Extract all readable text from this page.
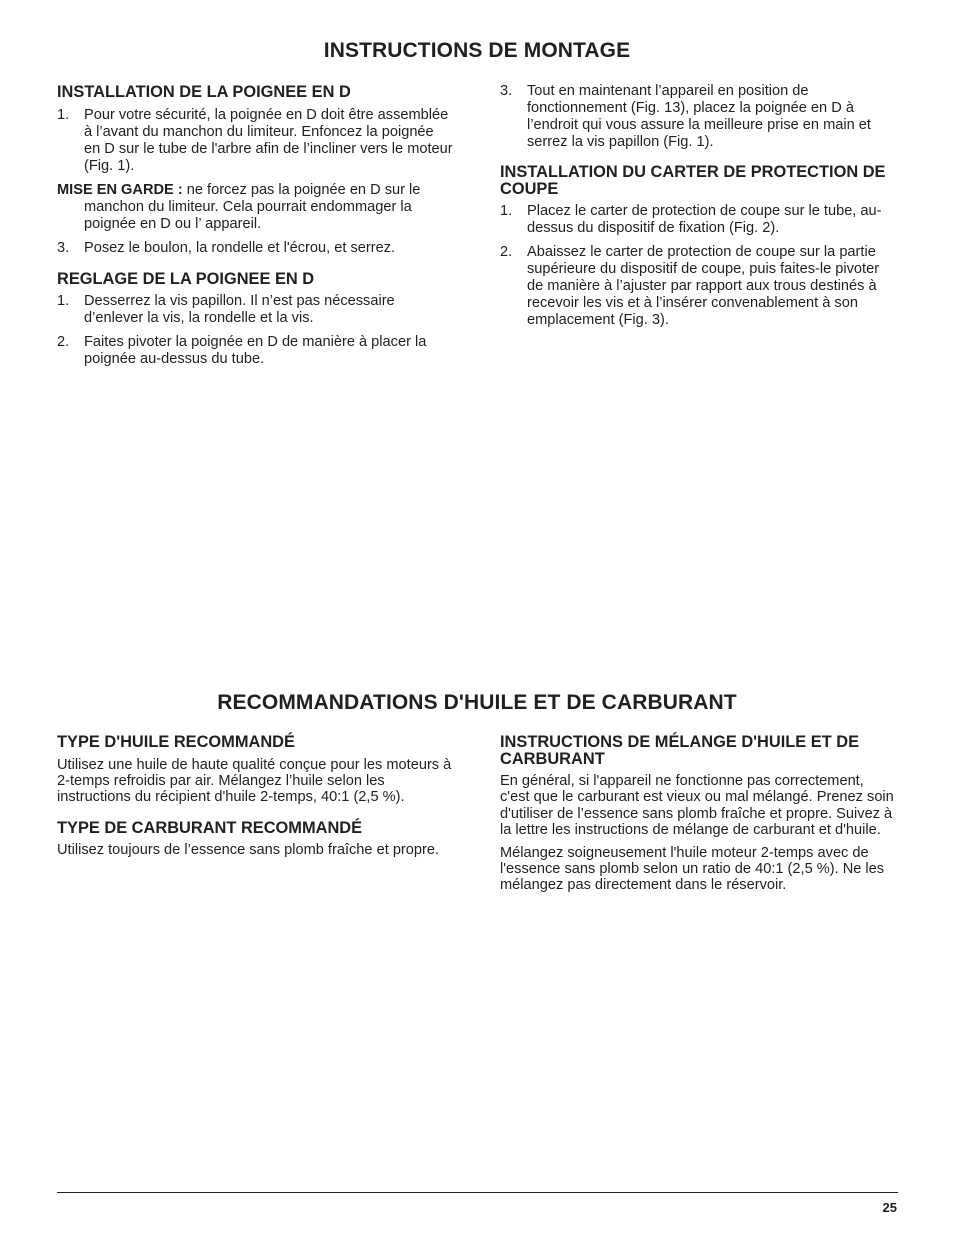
INSTRUCTIONS DE MONTAGE
INSTALLATION DE LA POIGNEE EN D
1. Pour votre sécurité, la poignée en D doit être assemblée à l’avant du manchon du limiteur. Enfoncez la poignée en D sur le tube de l'arbre afin de l’incliner vers le moteur (Fig. 1).
MISE EN GARDE : ne forcez pas la poignée en D sur le manchon du limiteur. Cela pourrait endommager la poignée en D ou l’ appareil.
3. Posez le boulon, la rondelle et l'écrou, et serrez.
REGLAGE DE LA POIGNEE EN D
1. Desserrez la vis papillon. Il n’est pas nécessaire d’enlever la vis, la rondelle et la vis.
2. Faites pivoter la poignée en D de manière à placer la poignée au-dessus du tube.
3. Tout en maintenant l’appareil en position de fonctionnement (Fig. 13), placez la poignée en D à l’endroit qui vous assure la meilleure prise en main et serrez la vis papillon (Fig. 1).
INSTALLATION DU CARTER DE PROTECTION DE COUPE
1. Placez le carter de protection de coupe sur le tube, au-dessus du dispositif de fixation (Fig. 2).
2. Abaissez le carter de protection de coupe sur la partie supérieure du dispositif de coupe, puis faites-le pivoter de manière à l’ajuster par rapport aux trous destinés à recevoir les vis et à l’insérer convenablement à son emplacement (Fig. 3).
RECOMMANDATIONS D'HUILE ET DE CARBURANT
TYPE D'HUILE RECOMMANDÉ

Utilisez une huile de haute qualité conçue pour les moteurs à 2-temps refroidis par air. Mélangez l’huile selon les instructions du récipient d'huile 2-temps, 40:1 (2,5 %).

TYPE DE CARBURANT RECOMMANDÉ

Utilisez toujours de l’essence sans plomb fraîche et propre.

INSTRUCTIONS DE MÉLANGE D'HUILE ET DE CARBURANT

En général, si l'appareil ne fonctionne pas correctement, c'est que le carburant est vieux ou mal mélangé. Prenez soin d'utiliser de l’essence sans plomb fraîche et propre. Suivez à la lettre les instructions de mélange de carburant et d'huile.

Mélangez soigneusement l'huile moteur 2-temps avec de l'essence sans plomb selon un ratio de 40:1 (2,5 %). Ne les mélangez pas directement dans le réservoir.

25
